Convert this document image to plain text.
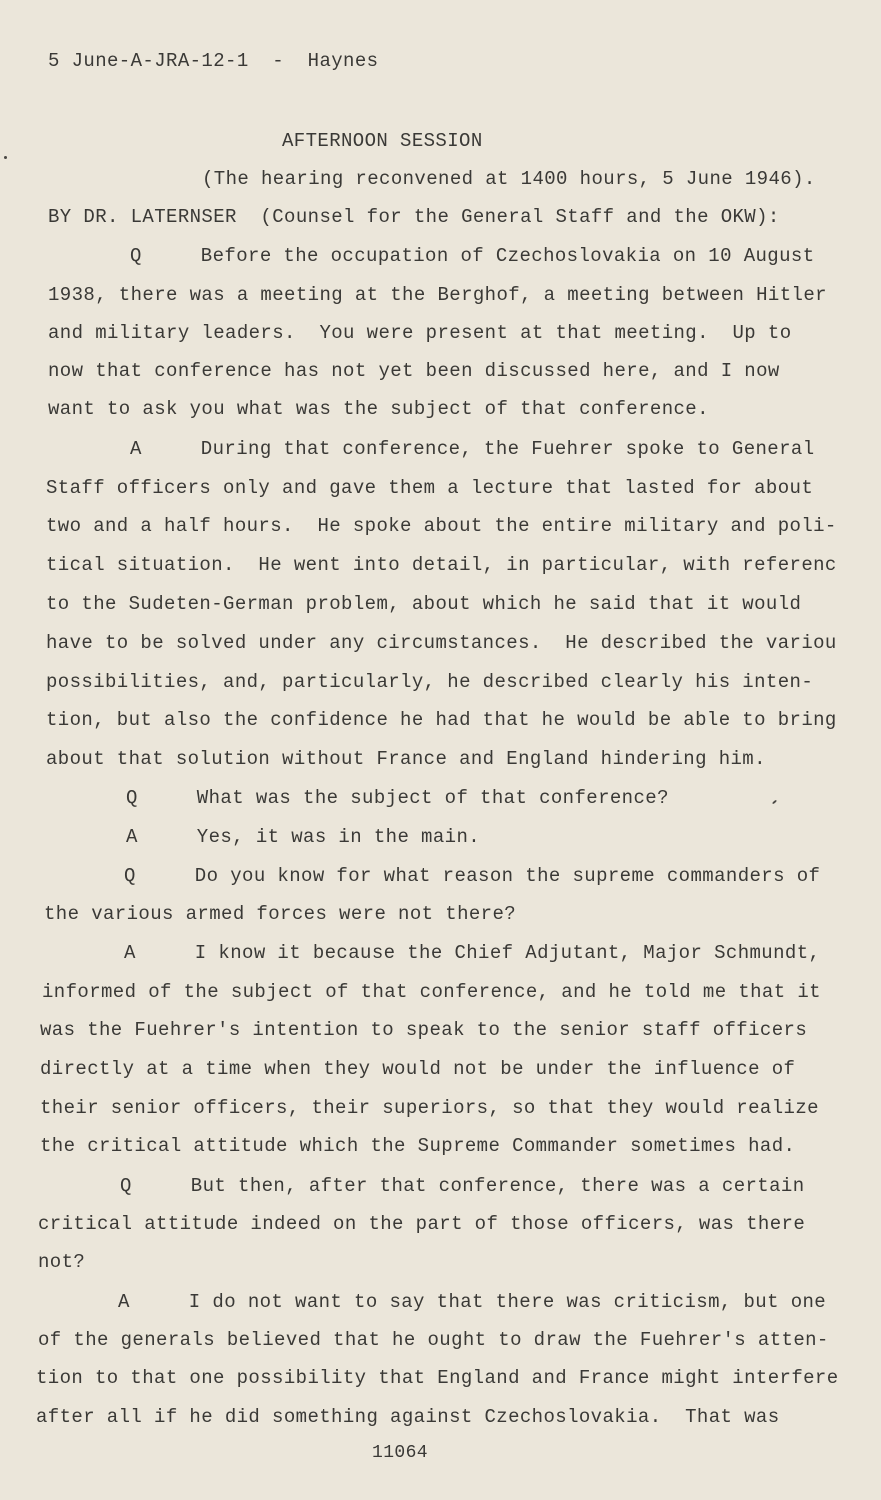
5 June-A-JRA-12-1  -  Haynes
AFTERNOON SESSION
(The hearing reconvened at 1400 hours, 5 June 1946).
BY DR. LATERNSER  (Counsel for the General Staff and the OKW):
Q     Before the occupation of Czechoslovakia on 10 August
1938, there was a meeting at the Berghof, a meeting between Hitler
and military leaders.  You were present at that meeting.  Up to
now that conference has not yet been discussed here, and I now
want to ask you what was the subject of that conference.
A     During that conference, the Fuehrer spoke to General
Staff officers only and gave them a lecture that lasted for about
two and a half hours.  He spoke about the entire military and poli-
tical situation.  He went into detail, in particular, with referenc
to the Sudeten-German problem, about which he said that it would
have to be solved under any circumstances.  He described the variou
possibilities, and, particularly, he described clearly his inten-
tion, but also the confidence he had that he would be able to bring
about that solution without France and England hindering him.
Q     What was the subject of that conference?
A     Yes, it was in the main.
Q     Do you know for what reason the supreme commanders of
the various armed forces were not there?
A     I know it because the Chief Adjutant, Major Schmundt,
informed of the subject of that conference, and he told me that it
was the Fuehrer's intention to speak to the senior staff officers
directly at a time when they would not be under the influence of
their senior officers, their superiors, so that they would realize
the critical attitude which the Supreme Commander sometimes had.
Q     But then, after that conference, there was a certain
critical attitude indeed on the part of those officers, was there
not?
A     I do not want to say that there was criticism, but one
of the generals believed that he ought to draw the Fuehrer's atten-
tion to that one possibility that England and France might interfere
after all if he did something against Czechoslovakia.  That was
11064
